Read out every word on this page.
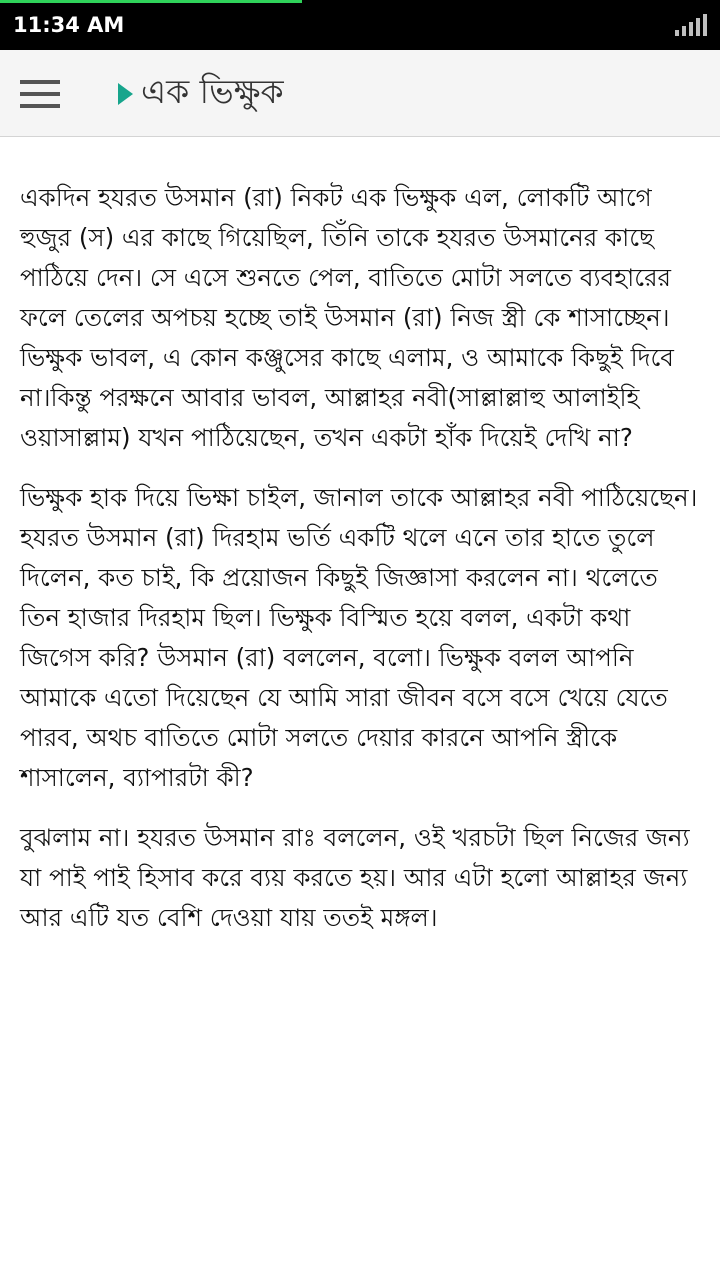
11:34 AM
এক ভিক্ষুক

একদিন হযরত উসমান (রা) নিকট এক ভিক্ষুক এল, লোকটি আগে হুজুর (স) এর কাছে গিয়েছিল, তিঁনি তাকে হযরত উসমানের কাছে পাঠিয়ে দেন। সে এসে শুনতে পেল, বাতিতে মোটা সলতে ব্যবহারের ফলে তেলের অপচয় হচ্ছে তাই উসমান (রা) নিজ স্ত্রী কে শাসাচ্ছেন।ভিক্ষুক ভাবল, এ কোন কঞ্জুসের কাছে এলাম, ও আমাকে কিছুই দিবে না।কিন্তু পরক্ষনে আবার ভাবল, আল্লাহর নবী(সাল্লাল্লাহু আলাইহি ওয়াসাল্লাম) যখন পাঠিয়েছেন, তখন একটা হাঁক দিয়েই দেখি না?

ভিক্ষুক হাক দিয়ে ভিক্ষা চাইল, জানাল তাকে আল্লাহর নবী পাঠিয়েছেন। হযরত উসমান (রা) দিরহাম ভর্তি একটি থলে এনে তার হাতে তুলে দিলেন, কত চাই, কি প্রয়োজন কিছুই জিজ্ঞাসা করলেন না। থলেতে তিন হাজার দিরহাম ছিল। ভিক্ষুক বিস্মিত হয়ে বলল, একটা কথা জিগেস করি? উসমান (রা) বললেন, বলো। ভিক্ষুক বলল আপনি আমাকে এতো দিয়েছেন যে আমি সারা জীবন বসে বসে খেয়ে যেতে পারব, অথচ বাতিতে মোটা সলতে দেয়ার কারনে আপনি স্ত্রীকে শাসালেন, ব্যাপারটা কী?

বুঝলাম না। হযরত উসমান রাঃ বললেন, ওই খরচটা ছিল নিজের জন্য যা পাই পাই হিসাব করে ব্যয় করতে হয়। আর এটা হলো আল্লাহর জন্য আর এটি যত বেশি দেওয়া যায় ততই মঙ্গল।
